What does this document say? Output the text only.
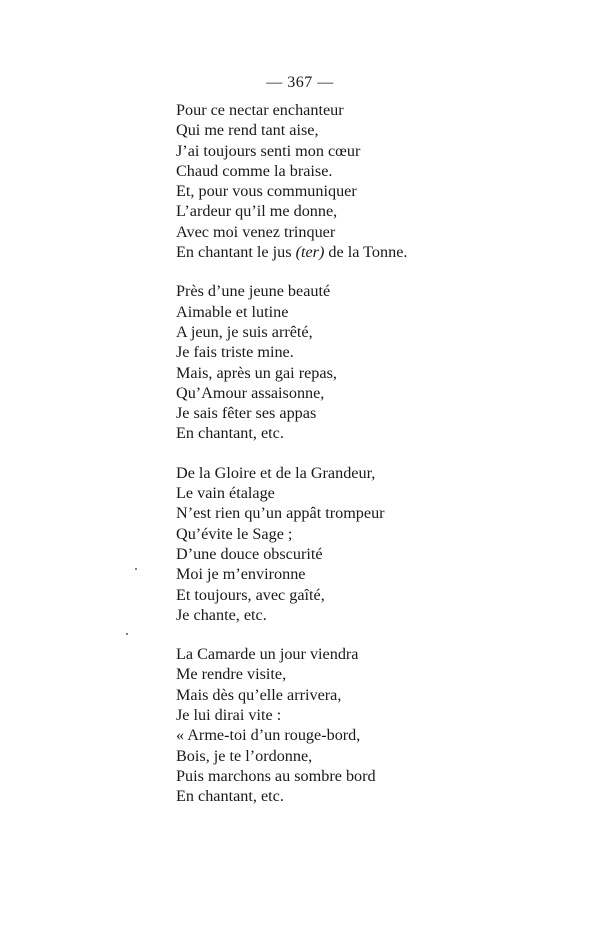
— 367 —
Pour ce nectar enchanteur
Qui me rend tant aise,
J’ai toujours senti mon cœur
Chaud comme la braise.
Et, pour vous communiquer
L’ardeur qu’il me donne,
Avec moi venez trinquer
En chantant le jus (ter) de la Tonne.
Près d’une jeune beauté
Aimable et lutine
A jeun, je suis arrêté,
Je fais triste mine.
Mais, après un gai repas,
Qu’Amour assaisonne,
Je sais fêter ses appas
En chantant, etc.
De la Gloire et de la Grandeur,
Le vain étalage
N’est rien qu’un appât trompeur
Qu’évite le Sage ;
D’une douce obscurité
Moi je m’environne
Et toujours, avec gaîté,
Je chante, etc.
La Camarde un jour viendra
Me rendre visite,
Mais dès qu’elle arrivera,
Je lui dirai vite :
« Arme-toi d’un rouge-bord,
Bois, je te l’ordonne,
Puis marchons au sombre bord
En chantant, etc.
